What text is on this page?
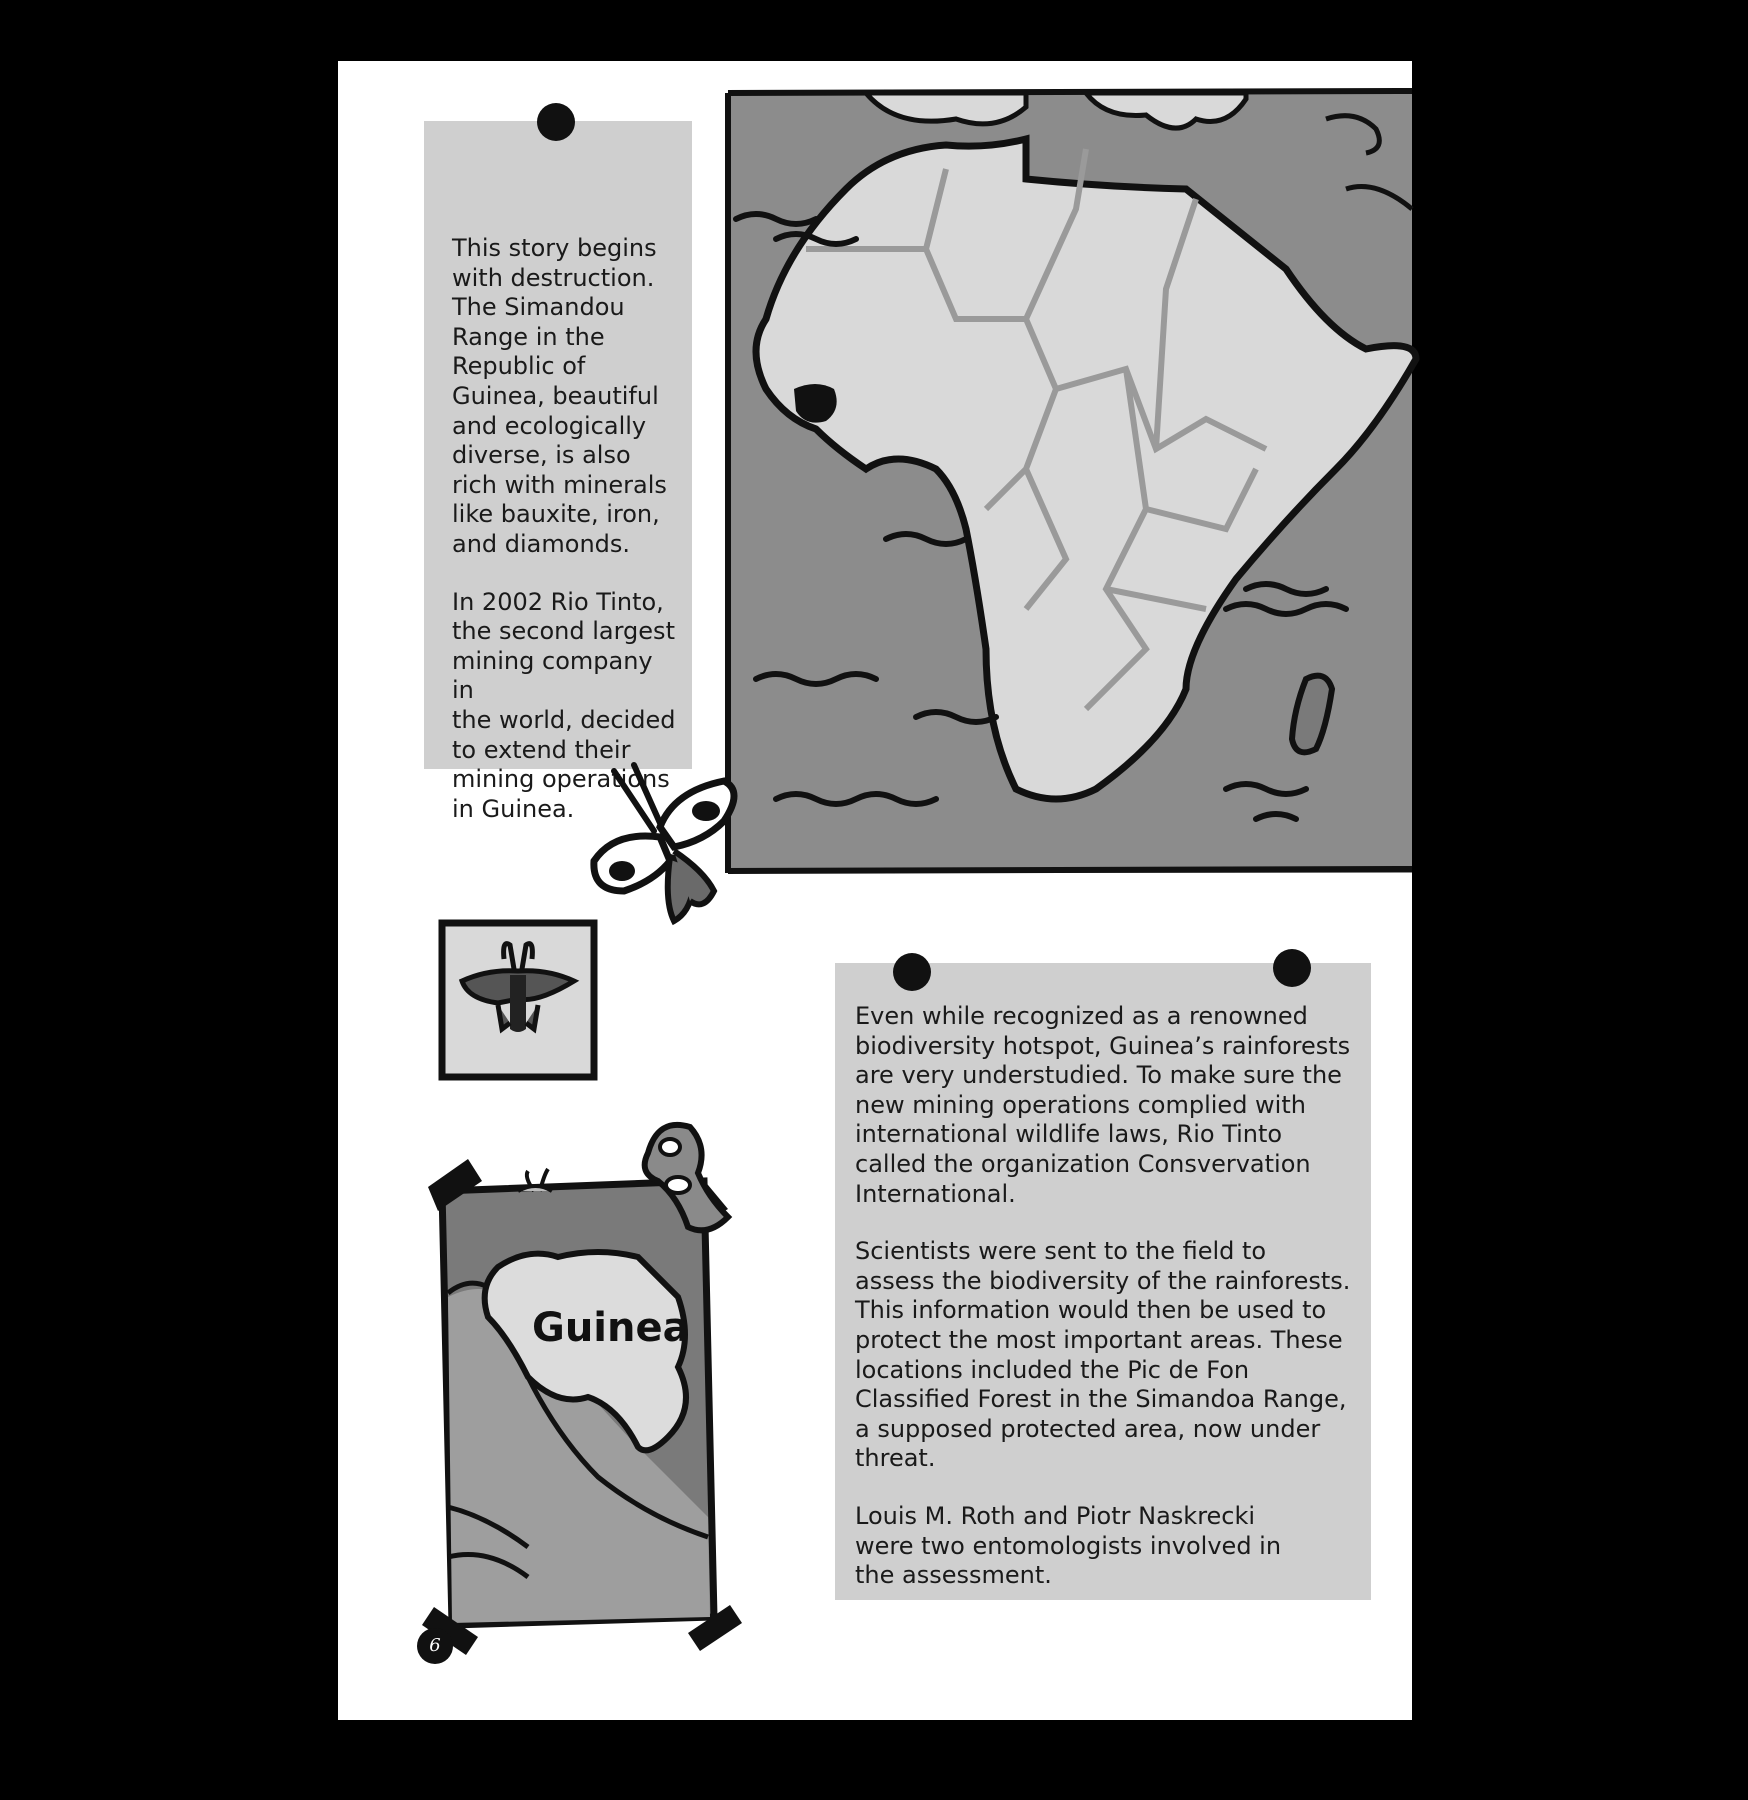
This story begins
with destruction.
The Simandou
Range in the
Republic of
Guinea, beautiful
and ecologically
diverse, is also
rich with minerals
like bauxite, iron,
and diamonds.

In 2002 Rio Tinto,
the second largest
mining company in
the world, decided
to extend their
mining operations
in Guinea.

Guinea

Even while recognized as a renowned
biodiversity hotspot, Guinea’s rainforests
are very understudied. To make sure the
new mining operations complied with
international wildlife laws, Rio Tinto
called the organization Consvervation
International.

Scientists were sent to the field to
assess the biodiversity of the rainforests.
This information would then be used to
protect the most important areas. These
locations included the Pic de Fon
Classified Forest in the Simandoa Range,
a supposed protected area, now under
threat.

Louis M. Roth and Piotr Naskrecki
were two entomologists involved in
the assessment.

6
